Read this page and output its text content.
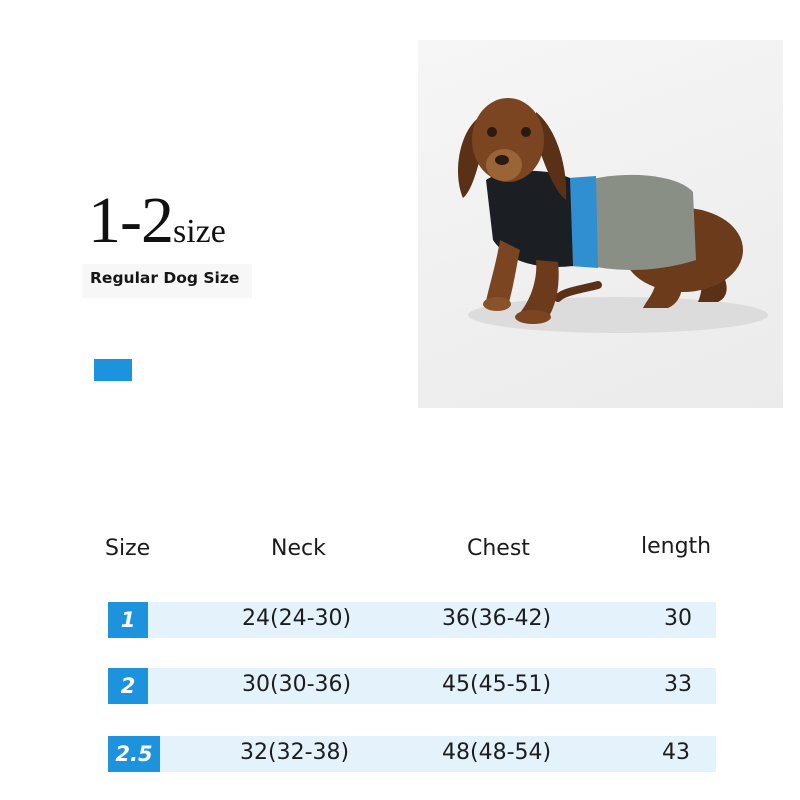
1-2size
Regular Dog Size
Size	Neck	Chest	length
1	24(24-30)	36(36-42)	30
2	30(30-36)	45(45-51)	33
2.5	32(32-38)	48(48-54)	43
